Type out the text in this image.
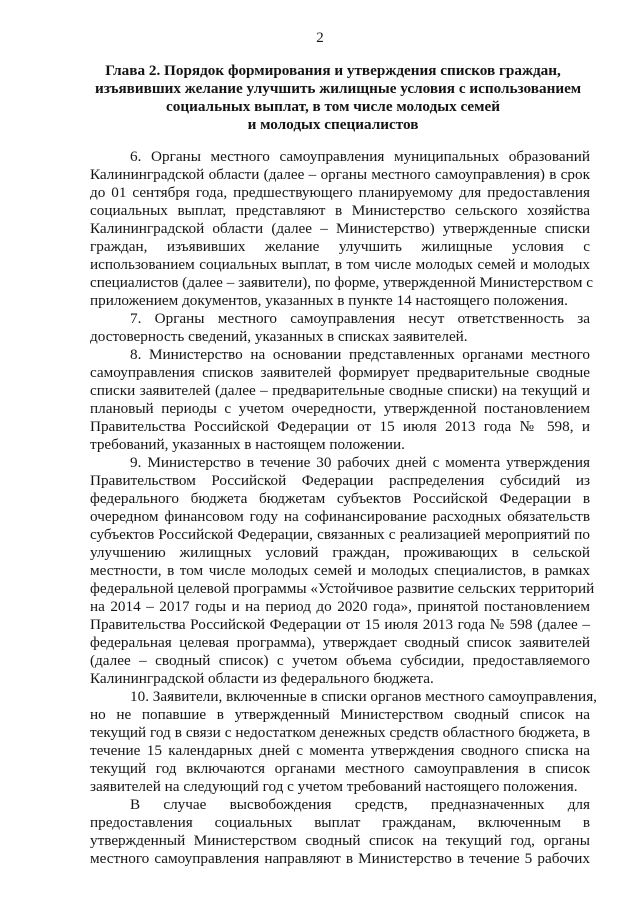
2
Глава 2. Порядок формирования и утверждения списков граждан,
изъявивших желание улучшить жилищные условия с использованием
социальных выплат, в том числе молодых семей
и молодых специалистов

6. Органы местного самоуправления муниципальных образований
Калининградской области (далее – органы местного самоуправления) в срок
до 01 сентября года, предшествующего планируемому для предоставления
социальных выплат, представляют в Министерство сельского хозяйства
Калининградской области (далее – Министерство) утвержденные списки
граждан, изъявивших желание улучшить жилищные условия с
использованием социальных выплат, в том числе молодых семей и молодых
специалистов (далее – заявители), по форме, утвержденной Министерством с
приложением документов, указанных в пункте 14 настоящего положения.

7. Органы местного самоуправления несут ответственность за
достоверность сведений, указанных в списках заявителей.

8. Министерство на основании представленных органами местного
самоуправления списков заявителей формирует предварительные сводные
списки заявителей (далее – предварительные сводные списки) на текущий и
плановый периоды с учетом очередности, утвержденной постановлением
Правительства Российской Федерации от 15 июля 2013 года № 598, и
требований, указанных в настоящем положении.

9. Министерство в течение 30 рабочих дней с момента утверждения
Правительством Российской Федерации распределения субсидий из
федерального бюджета бюджетам субъектов Российской Федерации в
очередном финансовом году на софинансирование расходных обязательств
субъектов Российской Федерации, связанных с реализацией мероприятий по
улучшению жилищных условий граждан, проживающих в сельской
местности, в том числе молодых семей и молодых специалистов, в рамках
федеральной целевой программы «Устойчивое развитие сельских территорий
на 2014 – 2017 годы и на период до 2020 года», принятой постановлением
Правительства Российской Федерации от 15 июля 2013 года № 598 (далее –
федеральная целевая программа), утверждает сводный список заявителей
(далее – сводный список) с учетом объема субсидии, предоставляемого
Калининградской области из федерального бюджета.

10. Заявители, включенные в списки органов местного самоуправления,
но не попавшие в утвержденный Министерством сводный список на
текущий год в связи с недостатком денежных средств областного бюджета, в
течение 15 календарных дней с момента утверждения сводного списка на
текущий год включаются органами местного самоуправления в список
заявителей на следующий год с учетом требований настоящего положения.

В случае высвобождения средств, предназначенных для
предоставления социальных выплат гражданам, включенным в
утвержденный Министерством сводный список на текущий год, органы
местного самоуправления направляют в Министерство в течение 5 рабочих
